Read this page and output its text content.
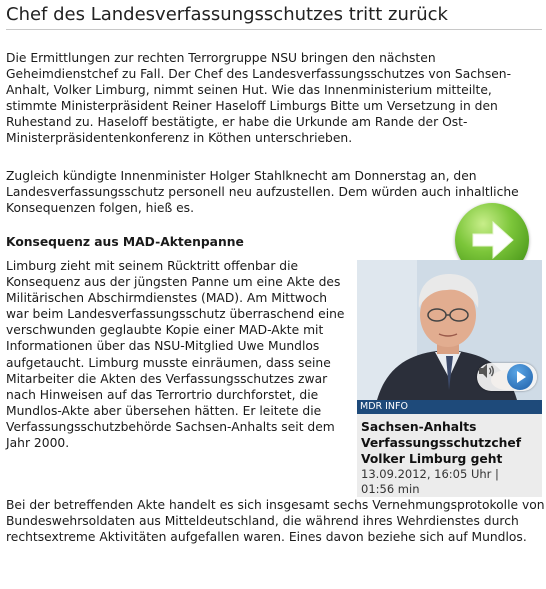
Chef des Landesverfassungsschutzes tritt zurück

Die Ermittlungen zur rechten Terrorgruppe NSU bringen den nächsten Geheimdienstchef zu Fall. Der Chef des Landesverfassungsschutzes von Sachsen-Anhalt, Volker Limburg, nimmt seinen Hut. Wie das Innenministerium mitteilte, stimmte Ministerpräsident Reiner Haseloff Limburgs Bitte um Versetzung in den Ruhestand zu. Haseloff bestätigte, er habe die Urkunde am Rande der Ost-Ministerpräsidentenkonferenz in Köthen unterschrieben.

Zugleich kündigte Innenminister Holger Stahlknecht am Donnerstag an, den Landesverfassungsschutz personell neu aufzustellen. Dem würden auch inhaltliche Konsequenzen folgen, hieß es.

Konsequenz aus MAD-Aktenpanne

Limburg zieht mit seinem Rücktritt offenbar die Konsequenz aus der jüngsten Panne um eine Akte des Militärischen Abschirmdienstes (MAD). Am Mittwoch war beim Landesverfassungsschutz überraschend eine verschwunden geglaubte Kopie einer MAD-Akte mit Informationen über das NSU-Mitglied Uwe Mundlos aufgetaucht. Limburg musste einräumen, dass seine Mitarbeiter die Akten des Verfassungsschutzes zwar nach Hinweisen auf das Terrortrio durchforstet, die Mundlos-Akte aber übersehen hätten. Er leitete die Verfassungsschutzbehörde Sachsen-Anhalts seit dem Jahr 2000.

Bei der betreffenden Akte handelt es sich insgesamt sechs Vernehmungsprotokolle von Bundeswehrsoldaten aus Mitteldeutschland, die während ihres Wehrdienstes durch rechtsextreme Aktivitäten aufgefallen waren. Eines davon beziehe sich auf Mundlos.

MDR INFO

Sachsen-Anhalts Verfassungsschutzchef Volker Limburg geht

13.09.2012, 16:05 Uhr |

01:56 min
